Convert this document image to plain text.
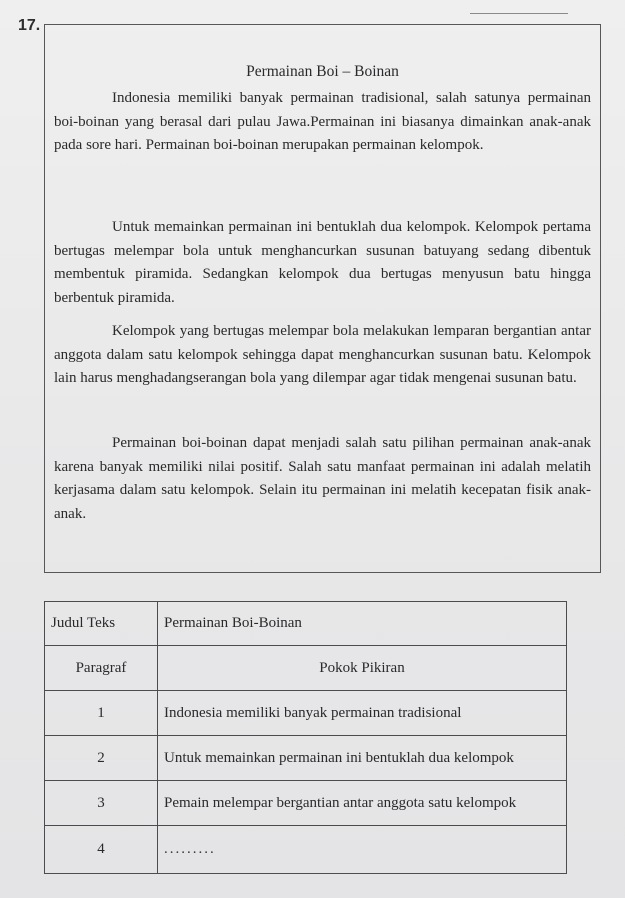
17.
Permainan Boi – Boinan

Indonesia memiliki banyak permainan tradisional, salah satunya permainan boi-boinan yang berasal dari pulau Jawa.Permainan ini biasanya dimainkan anak-anak pada sore hari. Permainan boi-boinan merupakan permainan kelompok.

Untuk memainkan permainan ini bentuklah dua kelompok. Kelompok pertama bertugas melempar bola untuk menghancurkan susunan batuyang sedang dibentuk membentuk piramida. Sedangkan kelompok dua bertugas menyusun batu hingga berbentuk piramida.

Kelompok yang bertugas melempar bola melakukan lemparan bergantian antar anggota dalam satu kelompok sehingga dapat menghancurkan susunan batu. Kelompok lain harus menghadangserangan bola yang dilempar agar tidak mengenai susunan batu.

Permainan boi-boinan dapat menjadi salah satu pilihan permainan anak-anak karena banyak memiliki nilai positif. Salah satu manfaat permainan ini adalah melatih kerjasama dalam satu kelompok. Selain itu permainan ini melatih kecepatan fisik anak-anak.

Judul Teks	Permainan Boi-Boinan
Paragraf	Pokok Pikiran
1	Indonesia memiliki banyak permainan tradisional
2	Untuk memainkan permainan ini bentuklah dua kelompok
3	Pemain melempar bergantian antar anggota satu kelompok
4	.........
